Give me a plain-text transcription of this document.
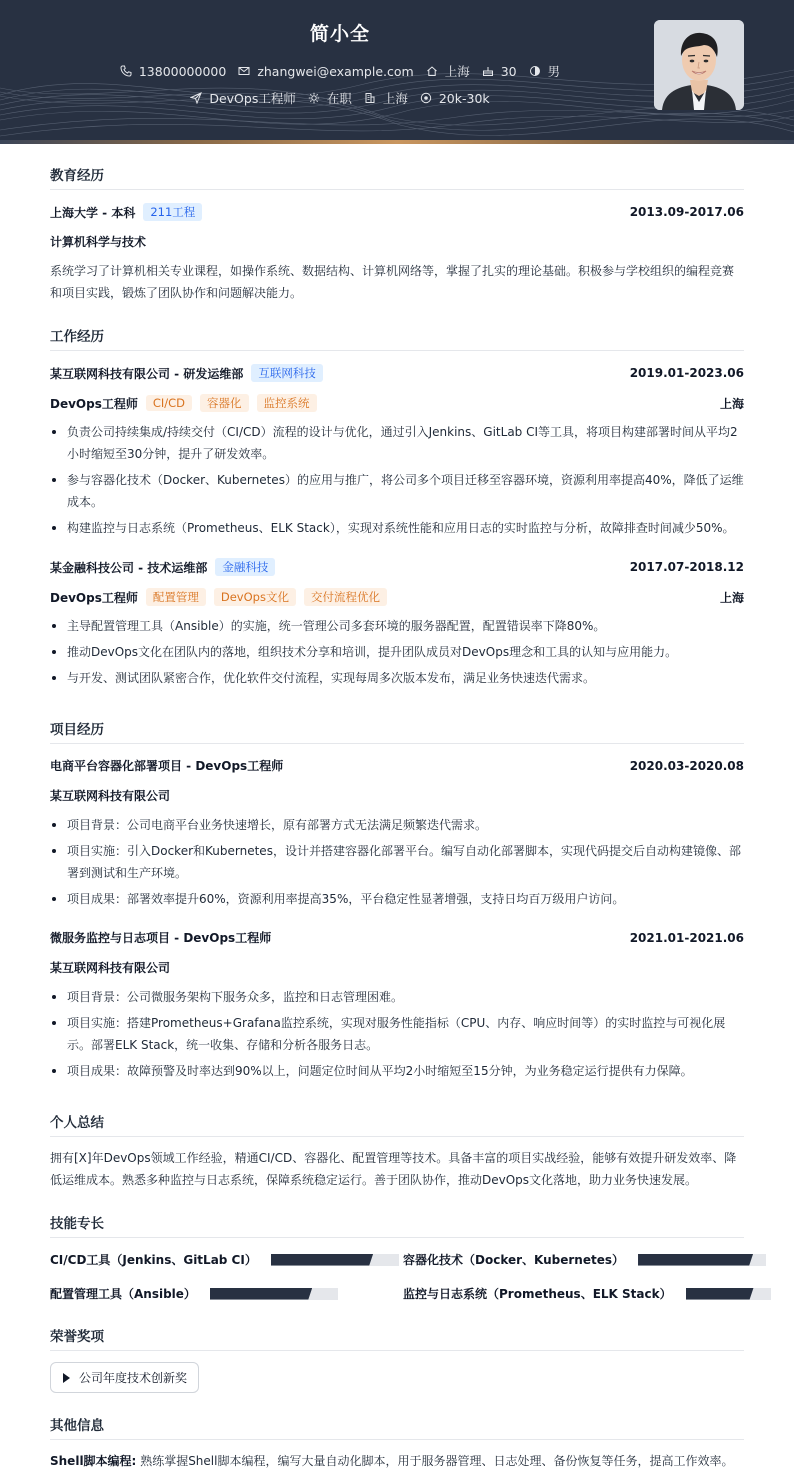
简小全
13800000000 zhangwei@example.com 上海 30 男
DevOps工程师 在职 上海 20k-30k
教育经历
上海大学 - 本科	211工程	2013.09-2017.06
计算机科学与技术
系统学习了计算机相关专业课程，如操作系统、数据结构、计算机网络等，掌握了扎实的理论基础。积极参与学校组织的编程竞赛和项目实践，锻炼了团队协作和问题解决能力。
工作经历
某互联网科技有限公司 - 研发运维部	互联网科技	2019.01-2023.06
DevOps工程师	CI/CD	容器化	监控系统	上海
负责公司持续集成/持续交付（CI/CD）流程的设计与优化，通过引入Jenkins、GitLab CI等工具，将项目构建部署时间从平均2小时缩短至30分钟，提升了研发效率。
参与容器化技术（Docker、Kubernetes）的应用与推广，将公司多个项目迁移至容器环境，资源利用率提高40%，降低了运维成本。
构建监控与日志系统（Prometheus、ELK Stack），实现对系统性能和应用日志的实时监控与分析，故障排查时间减少50%。
某金融科技公司 - 技术运维部	金融科技	2017.07-2018.12
DevOps工程师	配置管理	DevOps文化	交付流程优化	上海
主导配置管理工具（Ansible）的实施，统一管理公司多套环境的服务器配置，配置错误率下降80%。
推动DevOps文化在团队内的落地，组织技术分享和培训，提升团队成员对DevOps理念和工具的认知与应用能力。
与开发、测试团队紧密合作，优化软件交付流程，实现每周多次版本发布，满足业务快速迭代需求。
项目经历
电商平台容器化部署项目 - DevOps工程师	2020.03-2020.08
某互联网科技有限公司
项目背景：公司电商平台业务快速增长，原有部署方式无法满足频繁迭代需求。
项目实施：引入Docker和Kubernetes，设计并搭建容器化部署平台。编写自动化部署脚本，实现代码提交后自动构建镜像、部署到测试和生产环境。
项目成果：部署效率提升60%，资源利用率提高35%，平台稳定性显著增强，支持日均百万级用户访问。
微服务监控与日志项目 - DevOps工程师	2021.01-2021.06
某互联网科技有限公司
项目背景：公司微服务架构下服务众多，监控和日志管理困难。
项目实施：搭建Prometheus+Grafana监控系统，实现对服务性能指标（CPU、内存、响应时间等）的实时监控与可视化展示。部署ELK Stack，统一收集、存储和分析各服务日志。
项目成果：故障预警及时率达到90%以上，问题定位时间从平均2小时缩短至15分钟，为业务稳定运行提供有力保障。
个人总结
拥有[X]年DevOps领域工作经验，精通CI/CD、容器化、配置管理等技术。具备丰富的项目实战经验，能够有效提升研发效率、降低运维成本。熟悉多种监控与日志系统，保障系统稳定运行。善于团队协作，推动DevOps文化落地，助力业务快速发展。
技能专长
CI/CD工具（Jenkins、GitLab CI）	容器化技术（Docker、Kubernetes）
配置管理工具（Ansible）	监控与日志系统（Prometheus、ELK Stack）
荣誉奖项
公司年度技术创新奖
其他信息
Shell脚本编程: 熟练掌握Shell脚本编程，编写大量自动化脚本，用于服务器管理、日志处理、备份恢复等任务，提高工作效率。
